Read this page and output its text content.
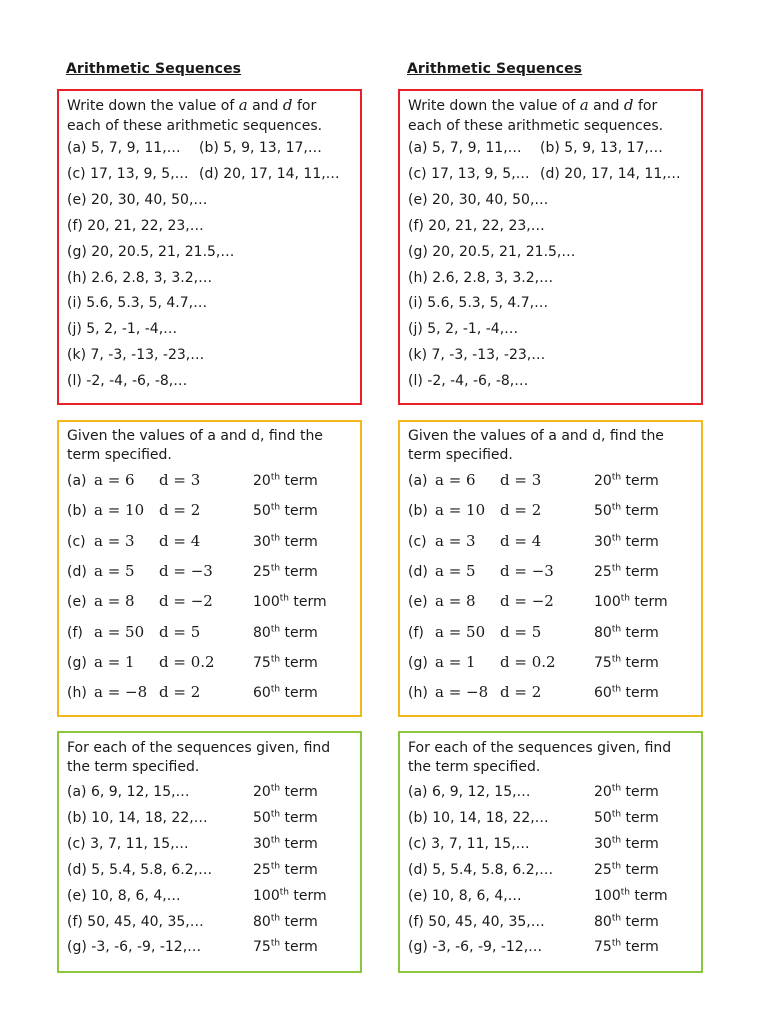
Arithmetic Sequences
Write down the value of a and d for
each of these arithmetic sequences.
(a) 5, 7, 9, 11,… (b) 5, 9, 13, 17,…
(c) 17, 13, 9, 5,… (d) 20, 17, 14, 11,…
(e) 20, 30, 40, 50,…
(f) 20, 21, 22, 23,…
(g) 20, 20.5, 21, 21.5,…
(h) 2.6, 2.8, 3, 3.2,…
(i) 5.6, 5.3, 5, 4.7,…
(j) 5, 2, -1, -4,…
(k) 7, -3, -13, -23,…
(l) -2, -4, -6, -8,…
Given the values of a and d, find the
term specified.
(a) a = 6 d = 3	20th term
(b) a = 10 d = 2	50th term
(c) a = 3 d = 4	30th term
(d) a = 5 d = −3	25th term
(e) a = 8 d = −2	100th term
(f) a = 50 d = 5	80th term
(g) a = 1 d = 0.2	75th term
(h) a = −8 d = 2	60th term
For each of the sequences given, find
the term specified.
(a) 6, 9, 12, 15,…	20th term
(b) 10, 14, 18, 22,…	50th term
(c) 3, 7, 11, 15,…	30th term
(d) 5, 5.4, 5.8, 6.2,…	25th term
(e) 10, 8, 6, 4,…	100th term
(f) 50, 45, 40, 35,…	80th term
(g) -3, -6, -9, -12,…	75th term
Arithmetic Sequences
Write down the value of a and d for
each of these arithmetic sequences.
(a) 5, 7, 9, 11,… (b) 5, 9, 13, 17,…
(c) 17, 13, 9, 5,… (d) 20, 17, 14, 11,…
(e) 20, 30, 40, 50,…
(f) 20, 21, 22, 23,…
(g) 20, 20.5, 21, 21.5,…
(h) 2.6, 2.8, 3, 3.2,…
(i) 5.6, 5.3, 5, 4.7,…
(j) 5, 2, -1, -4,…
(k) 7, -3, -13, -23,…
(l) -2, -4, -6, -8,…
Given the values of a and d, find the
term specified.
(a) a = 6 d = 3	20th term
(b) a = 10 d = 2	50th term
(c) a = 3 d = 4	30th term
(d) a = 5 d = −3	25th term
(e) a = 8 d = −2	100th term
(f) a = 50 d = 5	80th term
(g) a = 1 d = 0.2	75th term
(h) a = −8 d = 2	60th term
For each of the sequences given, find
the term specified.
(a) 6, 9, 12, 15,…	20th term
(b) 10, 14, 18, 22,…	50th term
(c) 3, 7, 11, 15,…	30th term
(d) 5, 5.4, 5.8, 6.2,…	25th term
(e) 10, 8, 6, 4,…	100th term
(f) 50, 45, 40, 35,…	80th term
(g) -3, -6, -9, -12,…	75th term
